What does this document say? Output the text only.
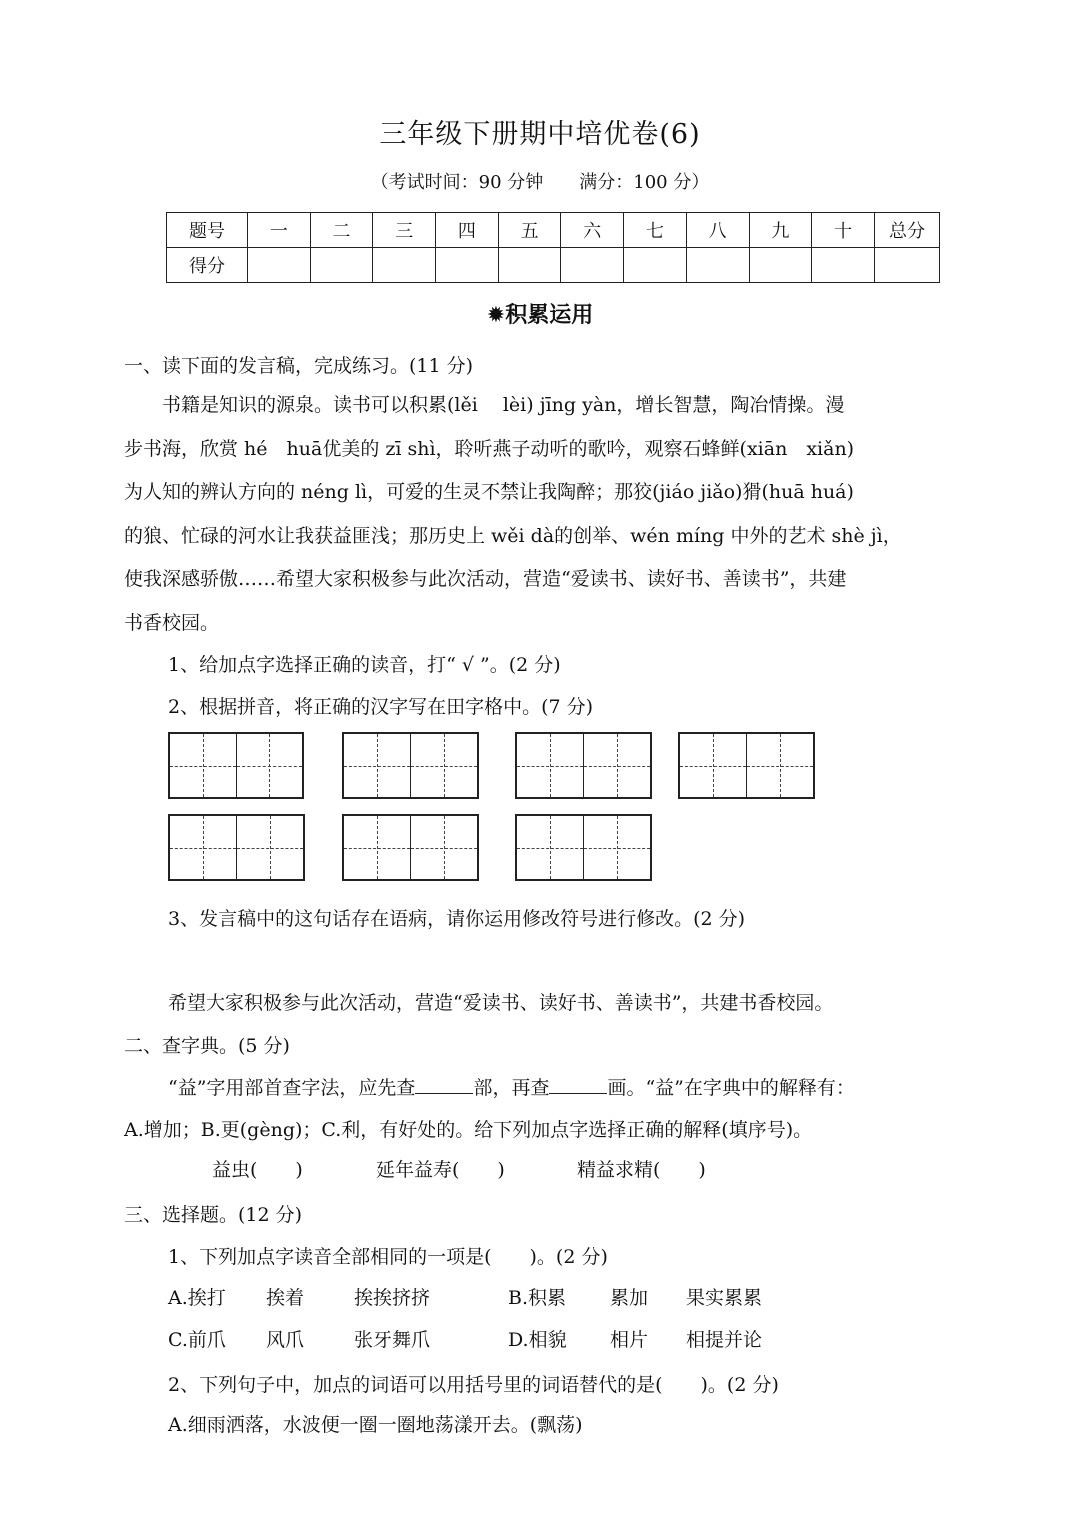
三年级下册期中培优卷(6)
（考试时间：90 分钟　　满分：100 分）
题号	一	二	三	四	五	六	七	八	九	十	总分
得分											
✹积累运用
一、读下面的发言稿，完成练习。(11 分)

书籍是知识的源泉。读书可以积累(lěi　 lèi) jīng yàn，增长智慧，陶冶情操。漫

步书海，欣赏 hé　huā优美的 zī shì，聆听燕子动听的歌吟，观察石蜂鲜(xiān　xiǎn)

为人知的辨认方向的 néng lì，可爱的生灵不禁让我陶醉；那狡(jiáo jiǎo)猾(huā huá)

的狼、忙碌的河水让我获益匪浅；那历史上 wěi dà的创举、wén míng 中外的艺术 shè jì，

使我深感骄傲……希望大家积极参与此次活动，营造“爱读书、读好书、善读书”，共建

书香校园。

1、给加点字选择正确的读音，打“ √ ”。(2 分)
2、根据拼音，将正确的汉字写在田字格中。(7 分)
3、发言稿中的这句话存在语病，请你运用修改符号进行修改。(2 分)
希望大家积极参与此次活动，营造“爱读书、读好书、善读书”，共建书香校园。
二、查字典。(5 分)
“益”字用部首查字法，应先查	部，再查	画。“益”在字典中的解释有：
A.增加；B.更(gèng)；C.利，有好处的。给下列加点字选择正确的解释(填序号)。
益虫(　　)	延年益寿(　　)	精益求精(　　)
三、选择题。(12 分)
1、下列加点字读音全部相同的一项是(　　)。(2 分)
A.挨打 挨着	挨挨挤挤	B.积累 累加 果实累累
C.前爪 风爪	张牙舞爪	D.相貌 相片 相提并论
2、下列句子中，加点的词语可以用括号里的词语替代的是(　　)。(2 分)
A.细雨洒落，水波便一圈一圈地荡漾开去。(飘荡)
